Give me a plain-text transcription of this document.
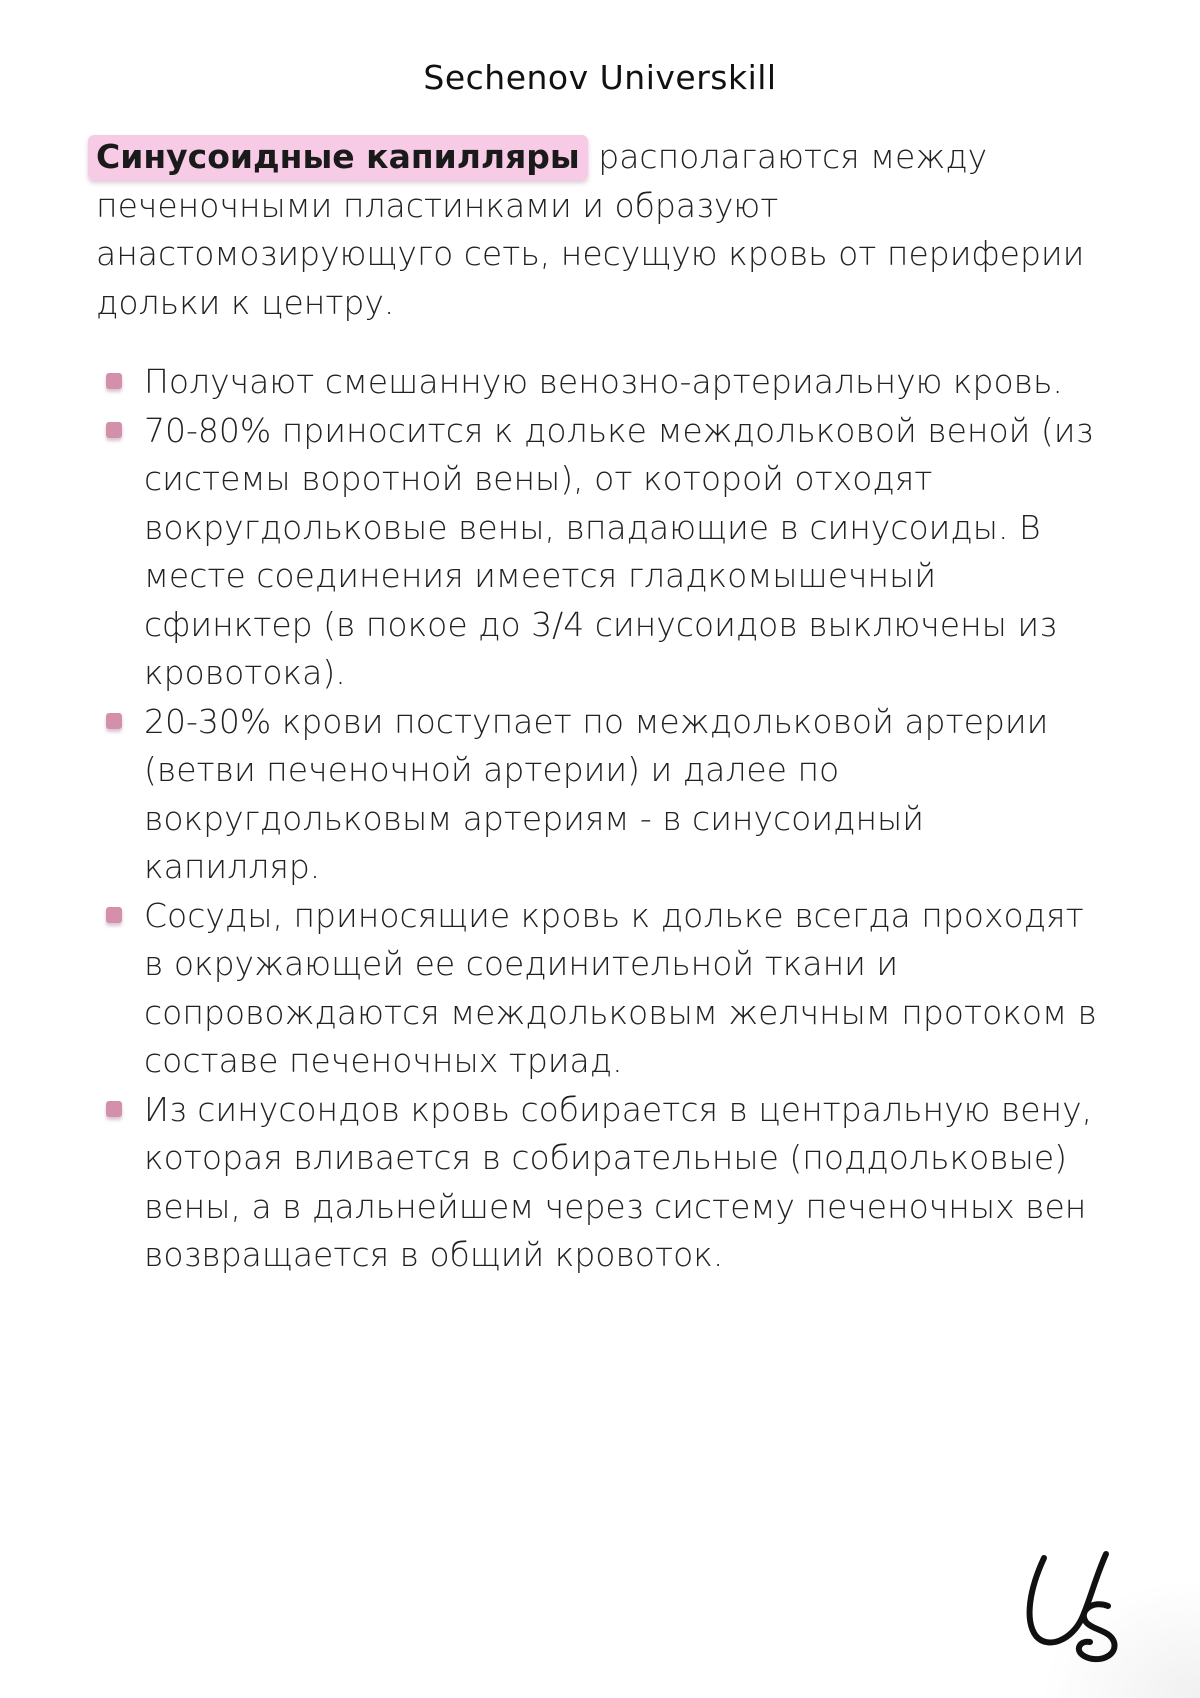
Sechenov Universkill

Синусоидные капилляры располагаются между печеночными пластинками и образуют анастомозирующуго сеть, несущую кровь от периферии дольки к центру.

Получают смешанную венозно-артериальную кровь.
70-80% приносится к дольке междольковой веной (из системы воротной вены), от которой отходят вокругдольковые вены, впадающие в синусоиды. В месте соединения имеется гладкомышечный сфинктер (в покое до 3/4 синусоидов выключены из кровотока).
20-30% крови поступает по междольковой артерии (ветви печеночной артерии) и далее по вокругдольковым артериям - в синусоидный капилляр.
Сосуды, приносящие кровь к дольке всегда проходят в окружающей ее соединительной ткани и сопровождаются междольковым желчным протоком в составе печеночных триад.
Из синусондов кровь собирается в центральную вену, которая вливается в собирательные (поддольковые) вены, а в дальнейшем через систему печеночных вен возвращается в общий кровоток.
